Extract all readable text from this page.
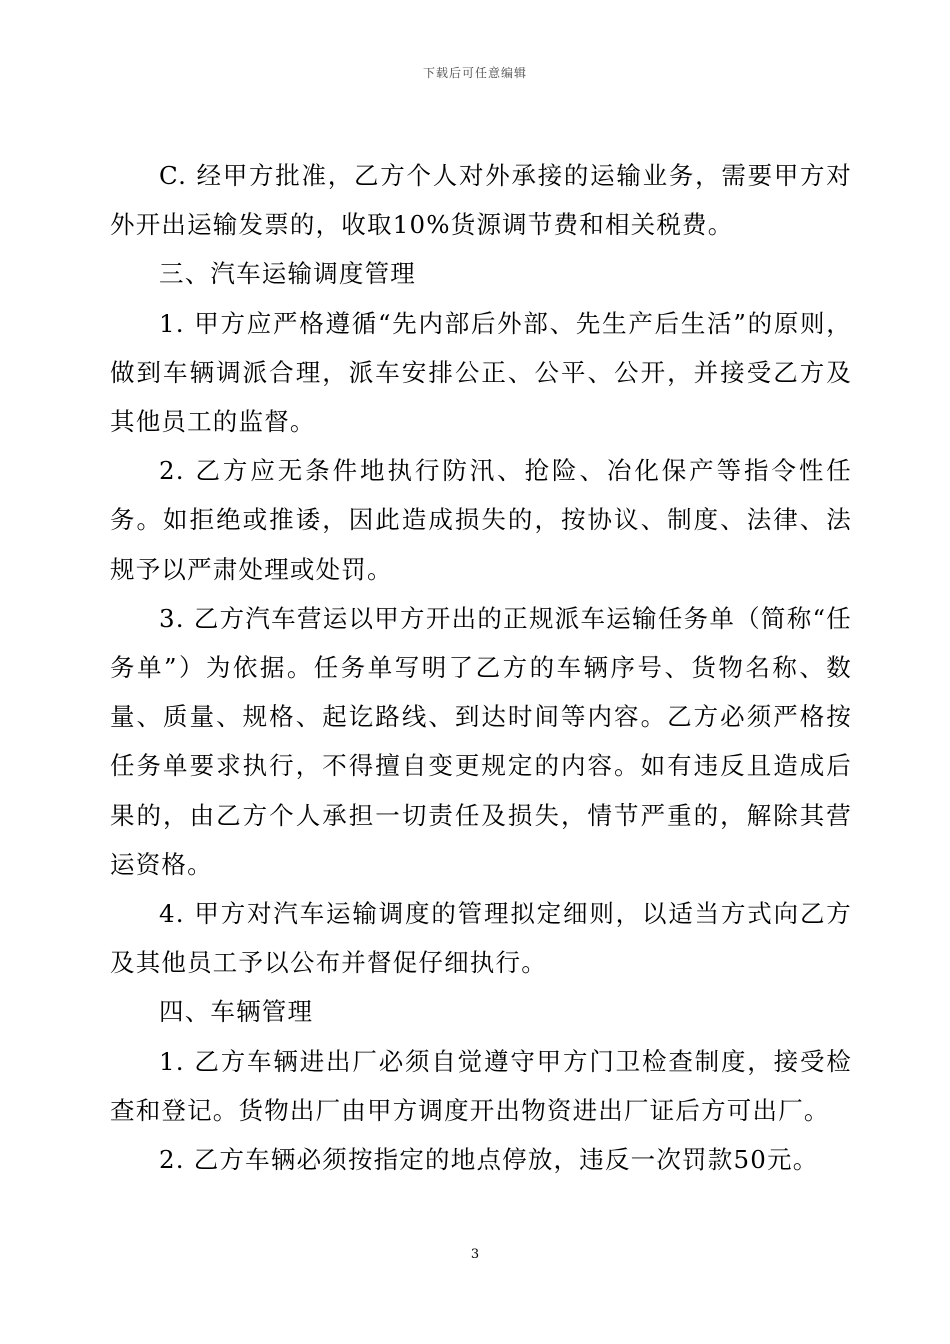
下载后可任意编辑

C. 经甲方批准，乙方个人对外承接的运输业务，需要甲方对外开出运输发票的，收取10%货源调节费和相关税费。

三、汽车运输调度管理

1. 甲方应严格遵循“先内部后外部、先生产后生活”的原则，做到车辆调派合理，派车安排公正、公平、公开，并接受乙方及其他员工的监督。

2. 乙方应无条件地执行防汛、抢险、冶化保产等指令性任务。如拒绝或推诿，因此造成损失的，按协议、制度、法律、法规予以严肃处理或处罚。

3. 乙方汽车营运以甲方开出的正规派车运输任务单（简称“任务单”）为依据。任务单写明了乙方的车辆序号、货物名称、数量、质量、规格、起讫路线、到达时间等内容。乙方必须严格按任务单要求执行，不得擅自变更规定的内容。如有违反且造成后果的，由乙方个人承担一切责任及损失，情节严重的，解除其营运资格。

4. 甲方对汽车运输调度的管理拟定细则，以适当方式向乙方及其他员工予以公布并督促仔细执行。

四、车辆管理

1. 乙方车辆进出厂必须自觉遵守甲方门卫检查制度，接受检查和登记。货物出厂由甲方调度开出物资进出厂证后方可出厂。

2. 乙方车辆必须按指定的地点停放，违反一次罚款50元。

3
